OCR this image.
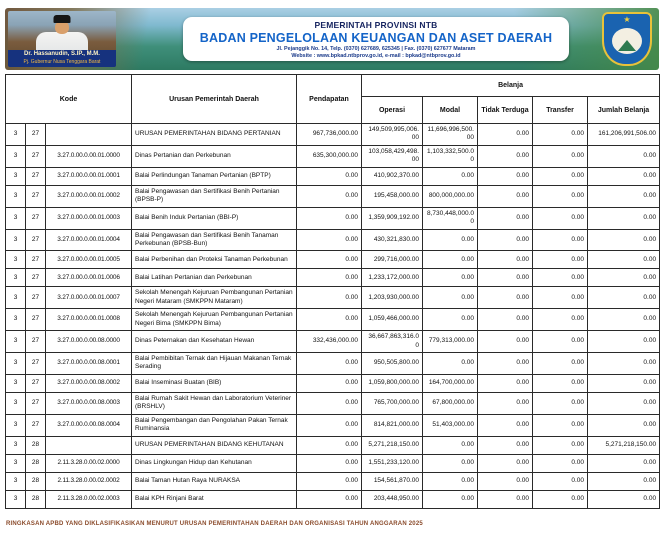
Dr. Hassanudin, S.IP., M.M.
Pj. Gubernur Nusa Tenggara Barat
PEMERINTAH PROVINSI NTB
BADAN PENGELOLAAN KEUANGAN DAN ASET DAERAH
Jl. Pejanggik No. 14, Telp. (0370) 627689, 625345 | Fax. (0370) 627677 Mataram
Website : www.bpkad.ntbprov.go.id, e-mail : bpkad@ntbprov.go.id
★
Kode			Urusan Pemerintah Daerah	Pendapatan	Belanja				
					Operasi	Modal	Tidak Terduga	Transfer	Jumlah Belanja
3	27		URUSAN PEMERINTAHAN BIDANG PERTANIAN	967,736,000.00	149,509,995,006.00	11,696,996,500.00	0.00	0.00	161,206,991,506.00
3	27	3.27.0.00.0.00.01.0000	Dinas Pertanian dan Perkebunan	635,300,000.00	103,058,429,498.00	1,103,332,500.00	0.00	0.00	0.00
3	27	3.27.0.00.0.00.01.0001	Balai Perlindungan Tanaman Pertanian (BPTP)	0.00	410,902,370.00	0.00	0.00	0.00	0.00
3	27	3.27.0.00.0.00.01.0002	Balai Pengawasan dan Sertifikasi Benih Pertanian (BPSB-P)	0.00	195,458,000.00	800,000,000.00	0.00	0.00	0.00
3	27	3.27.0.00.0.00.01.0003	Balai Benih Induk Pertanian (BBI-P)	0.00	1,359,909,192.00	8,730,448,000.00	0.00	0.00	0.00
3	27	3.27.0.00.0.00.01.0004	Balai Pengawasan dan Sertifikasi Benih Tanaman Perkebunan (BPSB-Bun)	0.00	430,321,830.00	0.00	0.00	0.00	0.00
3	27	3.27.0.00.0.00.01.0005	Balai Perbenihan dan Proteksi Tanaman Perkebunan	0.00	299,716,000.00	0.00	0.00	0.00	0.00
3	27	3.27.0.00.0.00.01.0006	Balai Latihan Pertanian dan Perkebunan	0.00	1,233,172,000.00	0.00	0.00	0.00	0.00
3	27	3.27.0.00.0.00.01.0007	Sekolah Menengah Kejuruan Pembangunan Pertanian Negeri Mataram (SMKPPN Mataram)	0.00	1,203,930,000.00	0.00	0.00	0.00	0.00
3	27	3.27.0.00.0.00.01.0008	Sekolah Menengah Kejuruan Pembangunan Pertanian Negeri Bima (SMKPPN Bima)	0.00	1,059,466,000.00	0.00	0.00	0.00	0.00
3	27	3.27.0.00.0.00.08.0000	Dinas Peternakan dan Kesehatan Hewan	332,436,000.00	36,667,863,316.00	779,313,000.00	0.00	0.00	0.00
3	27	3.27.0.00.0.00.08.0001	Balai Pembibitan Ternak dan Hijauan Makanan Ternak Serading	0.00	950,505,800.00	0.00	0.00	0.00	0.00
3	27	3.27.0.00.0.00.08.0002	Balai Inseminasi Buatan (BIB)	0.00	1,059,800,000.00	164,700,000.00	0.00	0.00	0.00
3	27	3.27.0.00.0.00.08.0003	Balai Rumah Sakit Hewan dan Laboratorium Veteriner (BRSHLV)	0.00	765,700,000.00	67,800,000.00	0.00	0.00	0.00
3	27	3.27.0.00.0.00.08.0004	Balai Pengembangan dan Pengolahan Pakan Ternak Ruminansia	0.00	814,821,000.00	51,403,000.00	0.00	0.00	0.00
3	28		URUSAN PEMERINTAHAN BIDANG KEHUTANAN	0.00	5,271,218,150.00	0.00	0.00	0.00	5,271,218,150.00
3	28	2.11.3.28.0.00.02.0000	Dinas Lingkungan Hidup dan Kehutanan	0.00	1,551,233,120.00	0.00	0.00	0.00	0.00
3	28	2.11.3.28.0.00.02.0002	Balai Taman Hutan Raya NURAKSA	0.00	154,561,870.00	0.00	0.00	0.00	0.00
3	28	2.11.3.28.0.00.02.0003	Balai KPH Rinjani Barat	0.00	203,448,950.00	0.00	0.00	0.00	0.00
RINGKASAN APBD YANG DIKLASIFIKASIKAN MENURUT URUSAN PEMERINTAHAN DAERAH DAN ORGANISASI TAHUN ANGGARAN 2025
